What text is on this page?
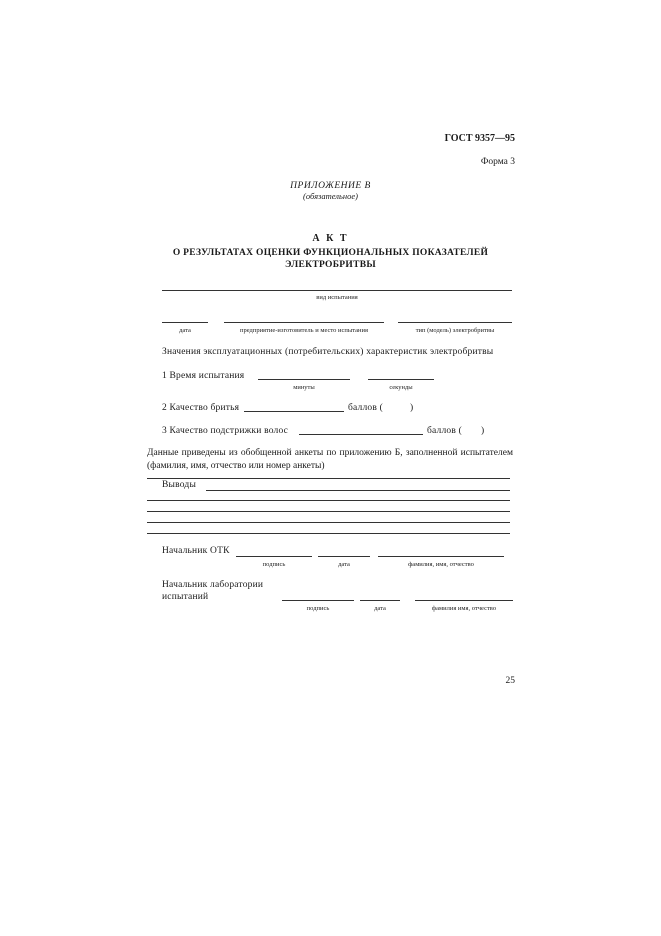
ГОСТ 9357—95
Форма 3
ПРИЛОЖЕНИЕ В
(обязательное)
А К Т
О РЕЗУЛЬТАТАХ ОЦЕНКИ ФУНКЦИОНАЛЬНЫХ ПОКАЗАТЕЛЕЙ
ЭЛЕКТРОБРИТВЫ
вид испытания
дата	предприятие-изготовитель и место испытания	тип (модель) электробритвы
Значения эксплуатационных (потребительских) характеристик электробритвы
1 Время испытания
минуты	секунды
2 Качество бритья	баллов (	)
3 Качество подстрижки волос	баллов ( )
Данные приведены из обобщенной анкеты по приложению Б, заполненной испытателем (фамилия, имя, отчество или номер анкеты)
Выводы
Начальник ОТК
подпись	дата	фамилия, имя, отчество
Начальник лаборатории
испытаний
подпись	дата	фамилия имя, отчество
25
